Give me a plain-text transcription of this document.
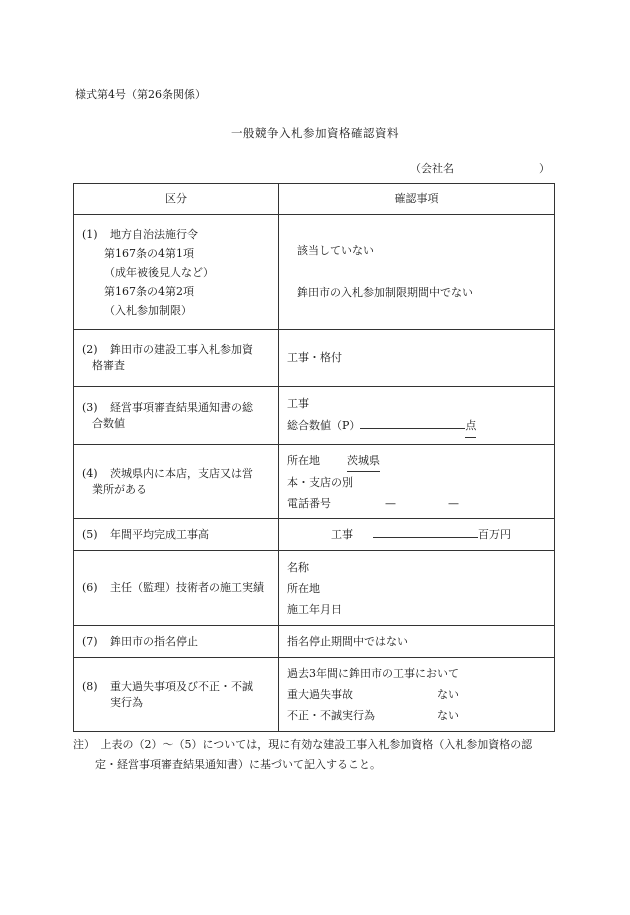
様式第4号（第26条関係）
一般競争入札参加資格確認資料
（会社名	）
区分	確認事項

(1) 地方自治法施行令
第167条の4第1項
（成年被後見人など）
第167条の4第2項
（入札参加制限）	該当していない
鉾田市の入札参加制限期間中でない

(2) 鉾田市の建設工事入札参加資
格審査	工事・格付

(3) 経営事項審査結果通知書の総
合数値	工事
総合数値（P） 点

(4) 茨城県内に本店，支店又は営
業所がある	所在地 茨城県
本・支店の別
電話番号 — —

(5) 年間平均完成工事高	工事 百万円
(6) 主任（監理）技術者の施工実績	名称
所在地
施工年月日

(7) 鉾田市の指名停止	指名停止期間中ではない

(8) 重大過失事項及び不正・不誠
実行為	過去3年間に鉾田市の工事において
重大過失事故 ない
不正・不誠実行為 ない
注）　上表の（2）～（5）については，現に有効な建設工事入札参加資格（入札参加資格の認
定・経営事項審査結果通知書）に基づいて記入すること。
